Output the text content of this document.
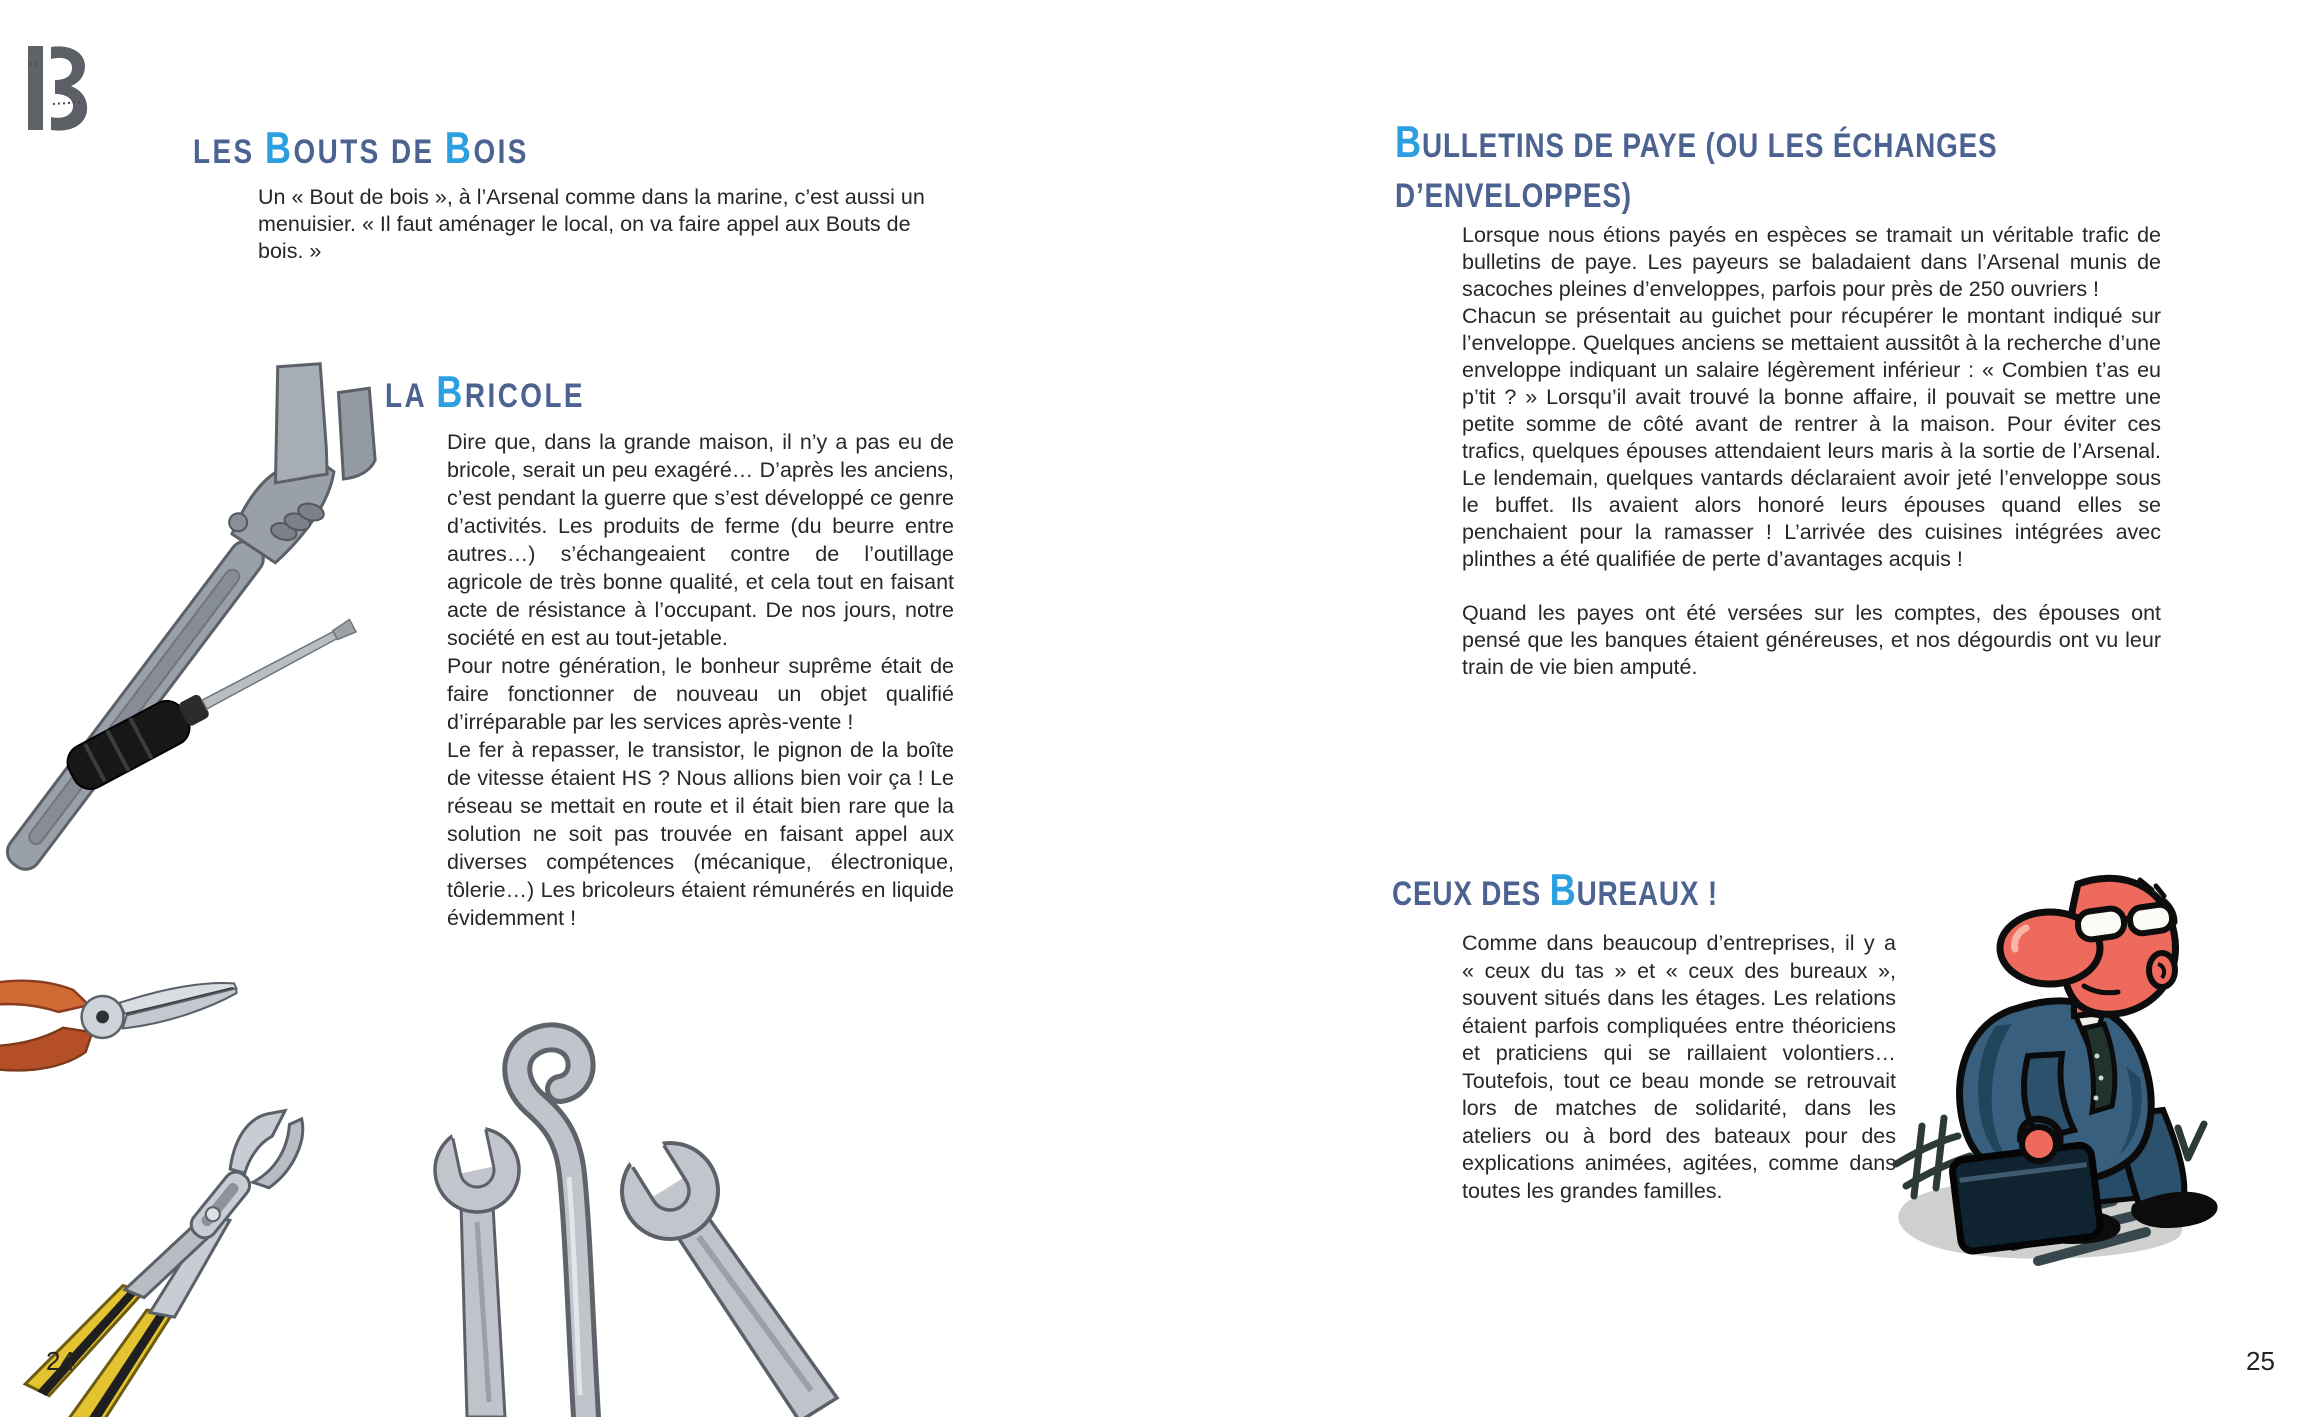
LES BOUTS DE BOIS

Un « Bout de bois », à l’Arsenal comme dans la marine, c’est aussi un menuisier. « Il faut aménager le local, on va faire appel aux Bouts de bois. »

LA BRICOLE

Dire que, dans la grande maison, il n’y a pas eu de bricole, serait un peu exagéré… D’après les anciens, c’est pendant la guerre que s’est développé ce genre d’activités. Les produits de ferme (du beurre entre autres…) s’échangeaient contre de l’outillage agricole de très bonne qualité, et cela tout en faisant acte de résistance à l’occupant. De nos jours, notre société en est au tout-jetable.

Pour notre génération, le bonheur suprême était de faire fonctionner de nouveau un objet qualifié d’irréparable par les services après-vente !

Le fer à repasser, le transistor, le pignon de la boîte de vitesse étaient HS ? Nous allions bien voir ça ! Le réseau se mettait en route et il était bien rare que la solution ne soit pas trouvée en faisant appel aux diverses compétences (mécanique, électronique, tôlerie…) Les bricoleurs étaient rémunérés en liquide évidemment !

24
BULLETINS DE PAYE (OU LES ÉCHANGES
D’ENVELOPPES)

Lorsque nous étions payés en espèces se tramait un véritable trafic de bulletins de paye. Les payeurs se baladaient dans l’Arsenal munis de sacoches pleines d’enveloppes, parfois pour près de 250 ouvriers !

Chacun se présentait au guichet pour récupérer le montant indiqué sur l’enveloppe. Quelques anciens se mettaient aussitôt à la recherche d’une enveloppe indiquant un salaire légèrement inférieur : « Combien t’as eu p’tit ? » Lorsqu’il avait trouvé la bonne affaire, il pouvait se mettre une petite somme de côté avant de rentrer à la maison. Pour éviter ces trafics, quelques épouses attendaient leurs maris à la sortie de l’Arsenal. Le lendemain, quelques vantards déclaraient avoir jeté l’enveloppe sous le buffet. Ils avaient alors honoré leurs épouses quand elles se penchaient pour la ramasser ! L’arrivée des cuisines intégrées avec plinthes a été qualifiée de perte d’avantages acquis !

Quand les payes ont été versées sur les comptes, des épouses ont pensé que les banques étaient généreuses, et nos dégourdis ont vu leur train de vie bien amputé.

CEUX DES BUREAUX !

Comme dans beaucoup d’entreprises, il y a « ceux du tas » et « ceux des bureaux », souvent situés dans les étages. Les relations étaient parfois compliquées entre théoriciens et praticiens qui se raillaient volontiers… Toutefois, tout ce beau monde se retrouvait lors de matches de solidarité, dans les ateliers ou à bord des bateaux pour des explications animées, agitées, comme dans toutes les grandes familles.

25
